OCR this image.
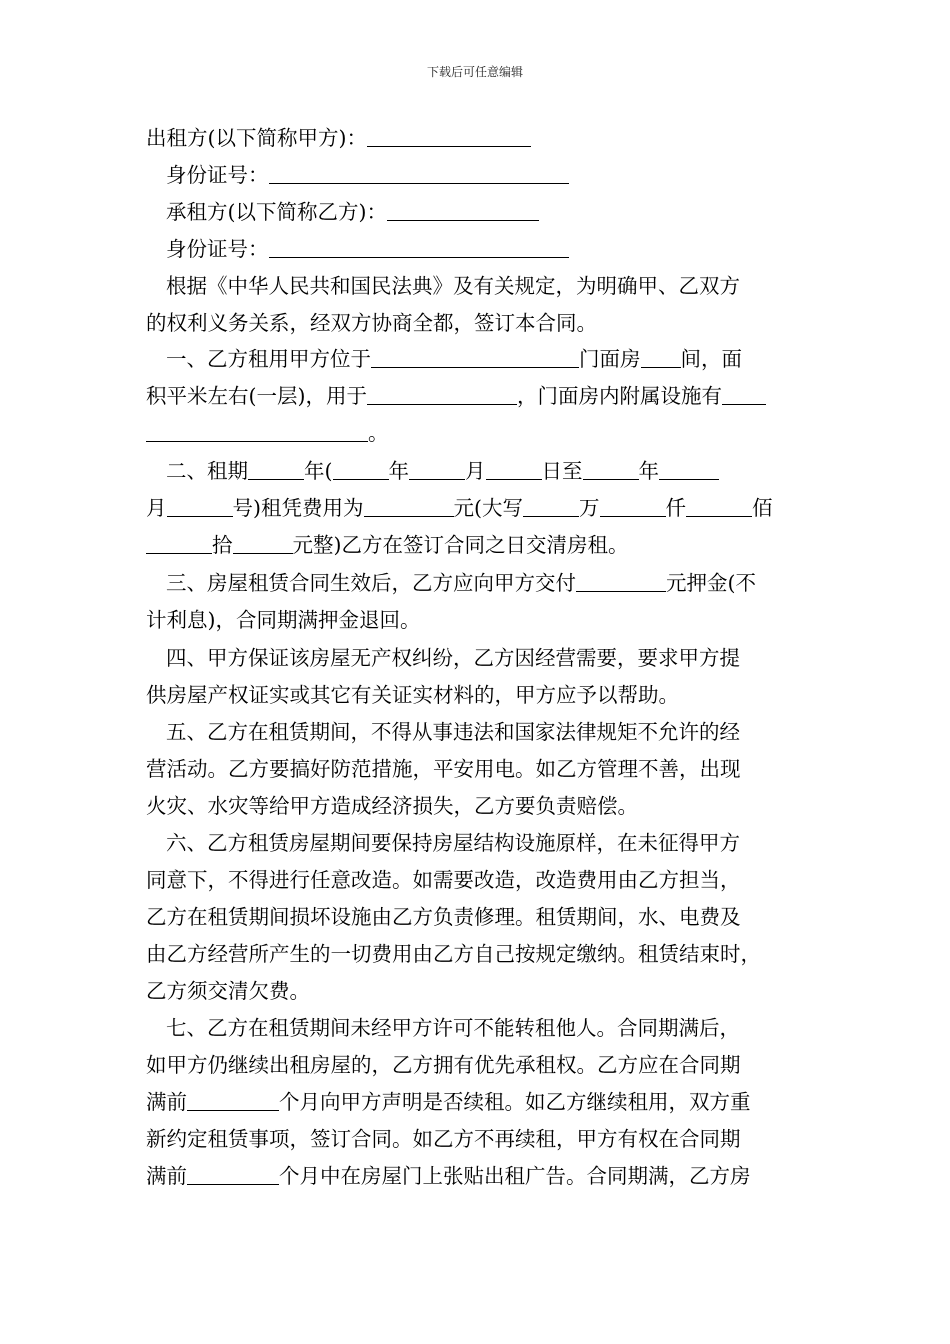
下载后可任意编辑
出租方(以下简称甲方)：
身份证号：
承租方(以下简称乙方)：
身份证号：
根据《中华人民共和国民法典》及有关规定，为明确甲、乙双方
的权利义务关系，经双方协商全都，签订本合同。
一、乙方租用甲方位于	门面房 间，面
积平米左右(一层)，用于	，门面房内附属设施有
。
二、租期	年(	年	月	日至	年
月	号)租凭费用为	元(大写	万	仟	佰
拾	元整)乙方在签订合同之日交清房租。
三、房屋租赁合同生效后，乙方应向甲方交付	元押金(不
计利息)，合同期满押金退回。
四、甲方保证该房屋无产权纠纷，乙方因经营需要，要求甲方提
供房屋产权证实或其它有关证实材料的，甲方应予以帮助。
五、乙方在租赁期间，不得从事违法和国家法律规矩不允许的经
营活动。乙方要搞好防范措施，平安用电。如乙方管理不善，出现
火灾、水灾等给甲方造成经济损失，乙方要负责赔偿。
六、乙方租赁房屋期间要保持房屋结构设施原样，在未征得甲方
同意下，不得进行任意改造。如需要改造，改造费用由乙方担当，
乙方在租赁期间损坏设施由乙方负责修理。租赁期间，水、电费及
由乙方经营所产生的一切费用由乙方自己按规定缴纳。租赁结束时，
乙方须交清欠费。
七、乙方在租赁期间未经甲方许可不能转租他人。合同期满后，
如甲方仍继续出租房屋的，乙方拥有优先承租权。乙方应在合同期
满前	个月向甲方声明是否续租。如乙方继续租用，双方重
新约定租赁事项，签订合同。如乙方不再续租，甲方有权在合同期
满前	个月中在房屋门上张贴出租广告。合同期满，乙方房
